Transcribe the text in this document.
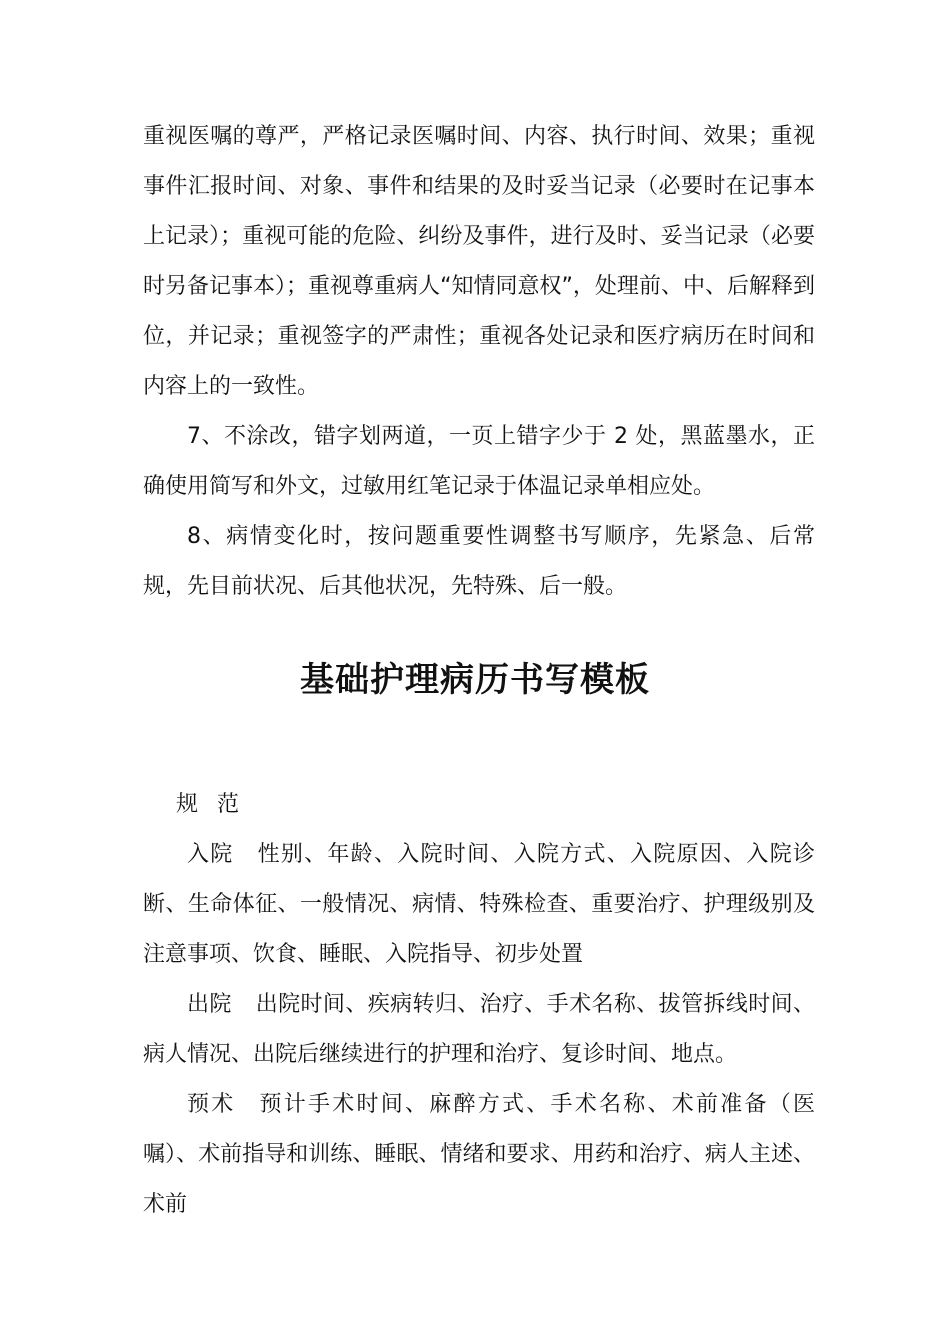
重视医嘱的尊严，严格记录医嘱时间、内容、执行时间、效果；重视事件汇报时间、对象、事件和结果的及时妥当记录（必要时在记事本上记录）；重视可能的危险、纠纷及事件，进行及时、妥当记录（必要时另备记事本）；重视尊重病人“知情同意权”，处理前、中、后解释到位，并记录；重视签字的严肃性；重视各处记录和医疗病历在时间和内容上的一致性。

7、不涂改，错字划两道，一页上错字少于 2 处，黑蓝墨水，正确使用简写和外文，过敏用红笔记录于体温记录单相应处。

8、病情变化时，按问题重要性调整书写顺序，先紧急、后常规，先目前状况、后其他状况，先特殊、后一般。

基础护理病历书写模板

规 范

入院 性别、年龄、入院时间、入院方式、入院原因、入院诊断、生命体征、一般情况、病情、特殊检查、重要治疗、护理级别及注意事项、饮食、睡眠、入院指导、初步处置

出院 出院时间、疾病转归、治疗、手术名称、拔管拆线时间、病人情况、出院后继续进行的护理和治疗、复诊时间、地点。

预术 预计手术时间、麻醉方式、手术名称、术前准备（医嘱）、术前指导和训练、睡眠、情绪和要求、用药和治疗、病人主述、术前
